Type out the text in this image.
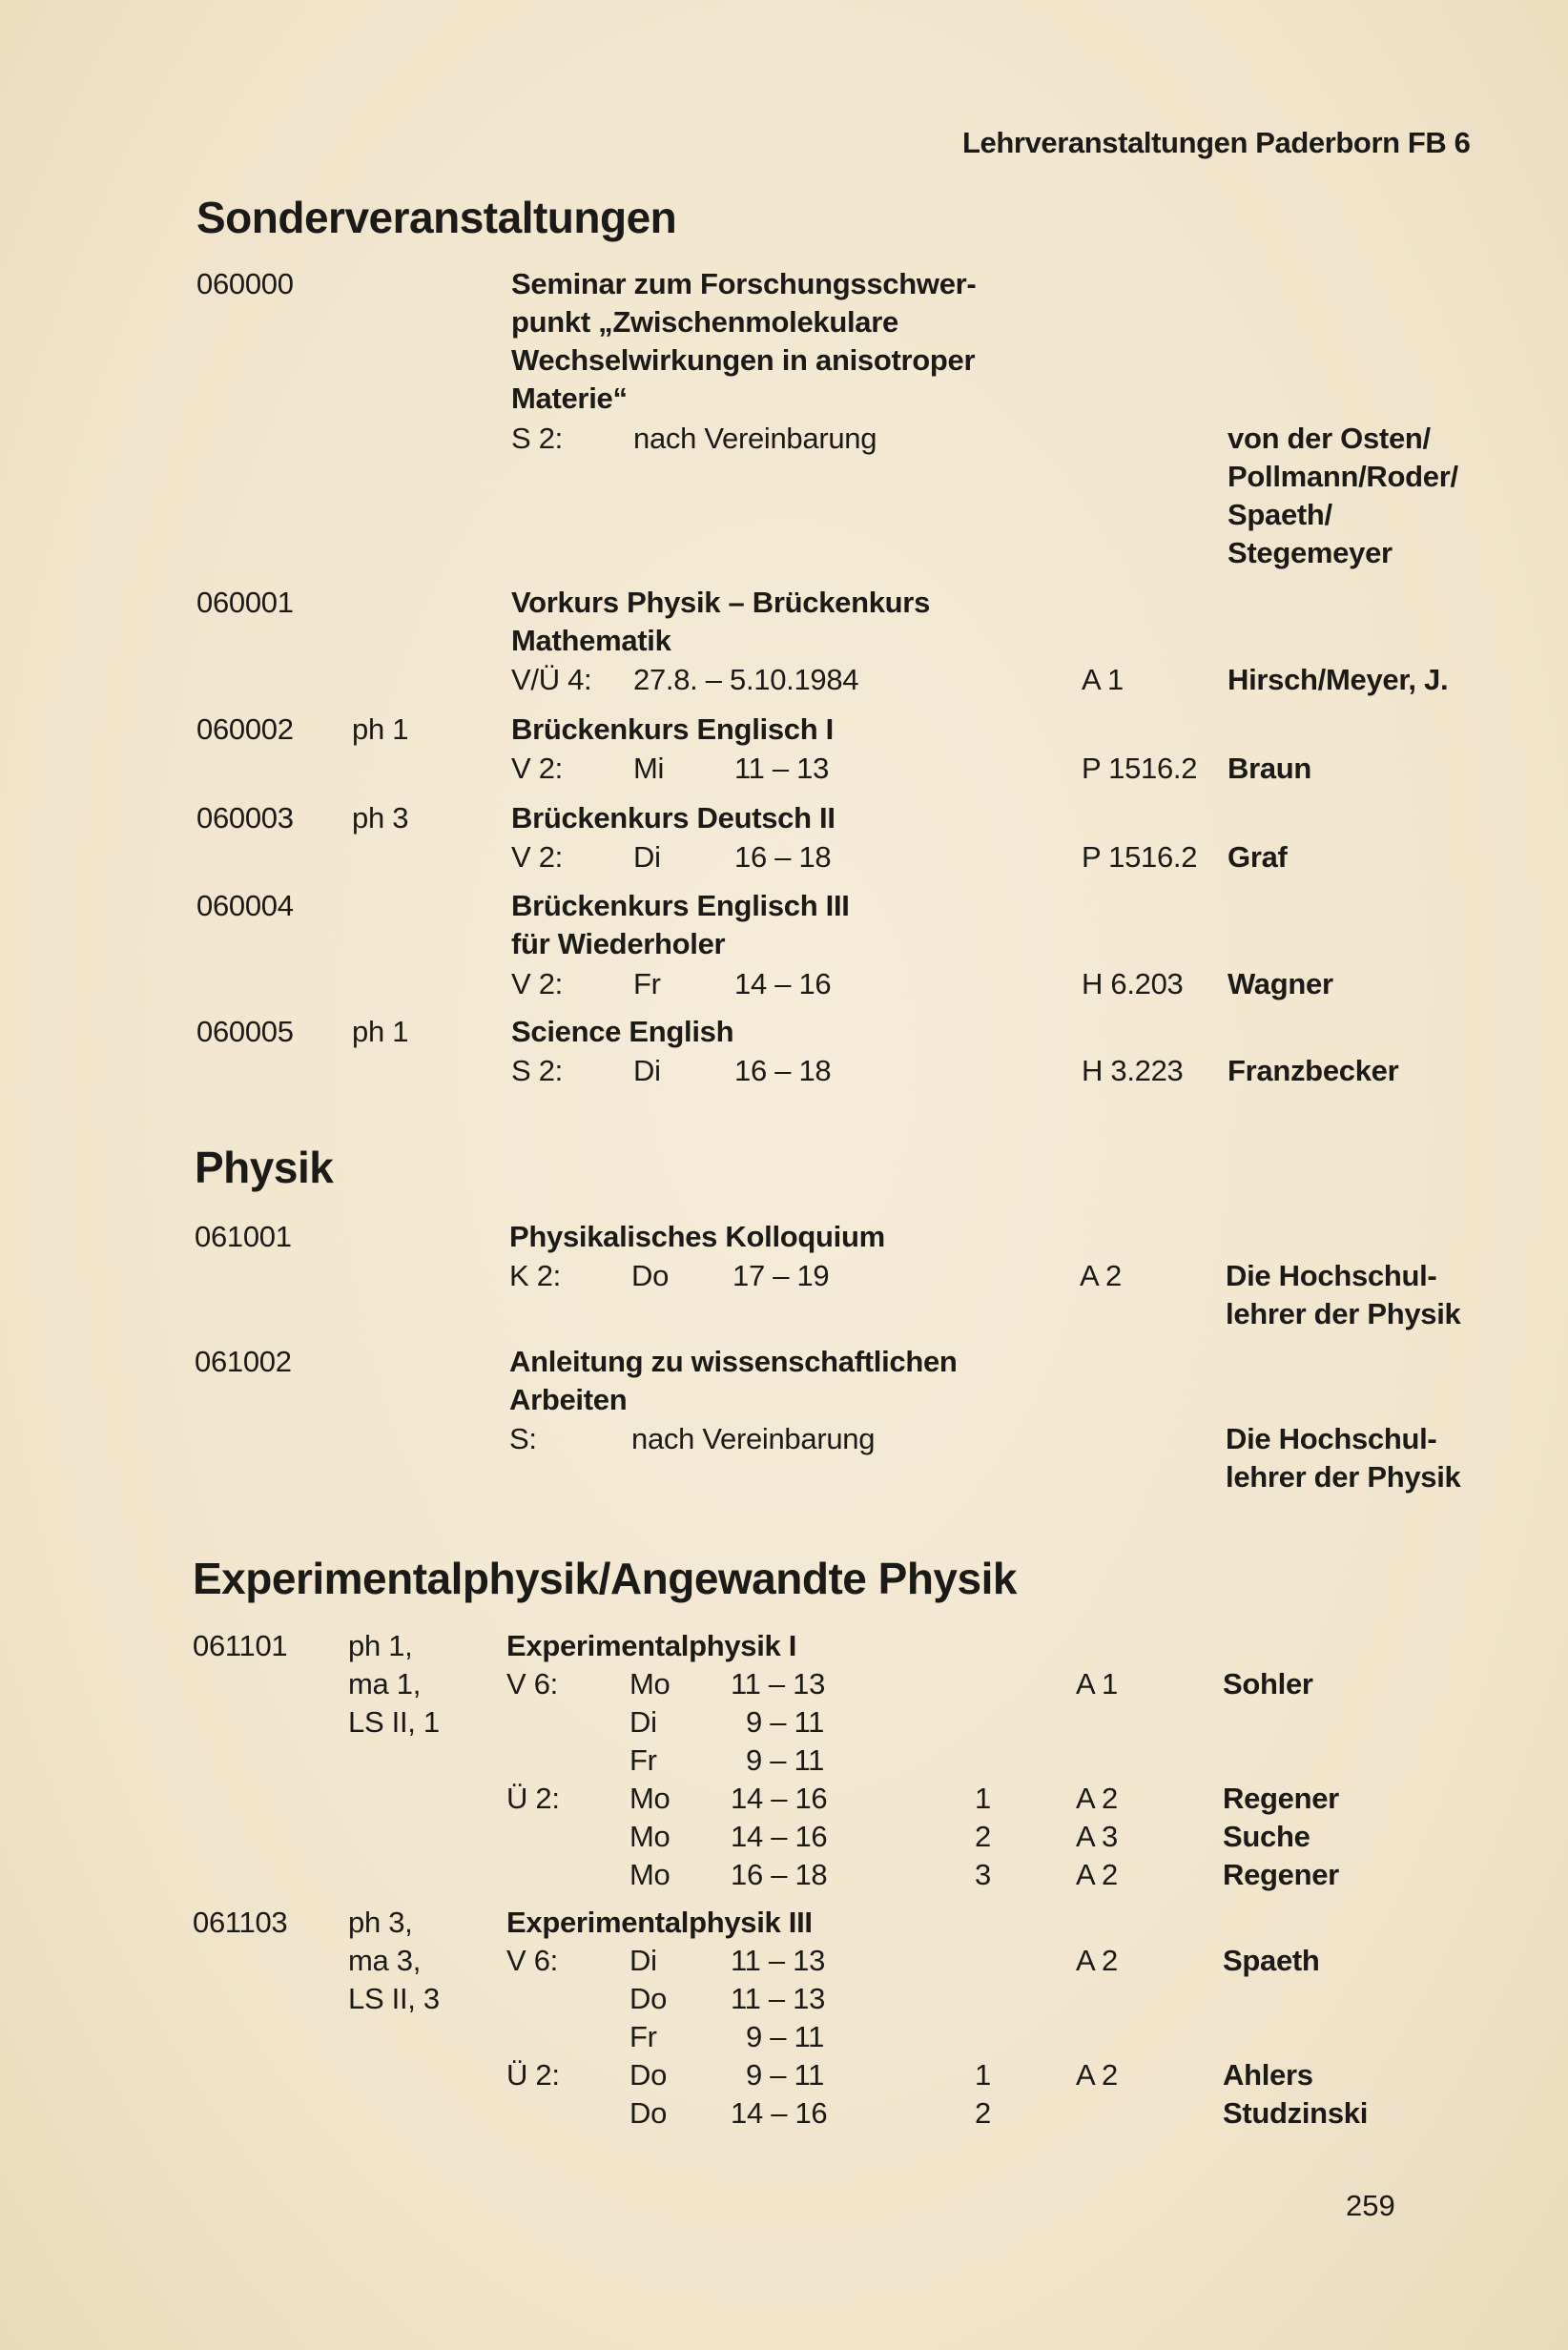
Lehrveranstaltungen Paderborn FB 6
Sonderveranstaltungen
060000	Seminar zum Forschungsschwer-
punkt „Zwischenmolekulare
Wechselwirkungen in anisotroper
Materie“
S 2: nach Vereinbarung	von der Osten/
Pollmann/Roder/
Spaeth/
Stegemeyer
060001	Vorkurs Physik – Brückenkurs
Mathematik
V/Ü 4: 27.8. – 5.10.1984	A 1	Hirsch/Meyer, J.
060002 ph 1	Brückenkurs Englisch I
V 2: Mi 11 – 13	P 1516.2 Braun
060003 ph 3	Brückenkurs Deutsch II
V 2: Di 16 – 18	P 1516.2 Graf
060004	Brückenkurs Englisch III
für Wiederholer
V 2: Fr 14 – 16	H 6.203 Wagner
060005 ph 1	Science English
S 2: Di 16 – 18	H 3.223 Franzbecker
Physik
061001	Physikalisches Kolloquium
K 2: Do 17 – 19	A 2	Die Hochschul-
lehrer der Physik
061002	Anleitung zu wissenschaftlichen
Arbeiten
S:	nach Vereinbarung	Die Hochschul-
lehrer der Physik
Experimentalphysik/Angewandte Physik
061101 ph 1,
ma 1,
LS II, 1
Experimentalphysik I
V 6: Mo 11 – 13	A 1	Sohler
Di	9 – 11
Fr	9 – 11
Ü 2: Mo 14 – 16	1	A 2	Regener
Mo 14 – 16	2	A 3	Suche
Mo 16 – 18	3	A 2	Regener
061103 ph 3,
ma 3,
LS II, 3
Experimentalphysik III
V 6: Di 11 – 13	A 2	Spaeth
Do 11 – 13
Fr	9 – 11
Ü 2: Do	9 – 11	1	A 2	Ahlers
Do 14 – 16	2	Studzinski
259
